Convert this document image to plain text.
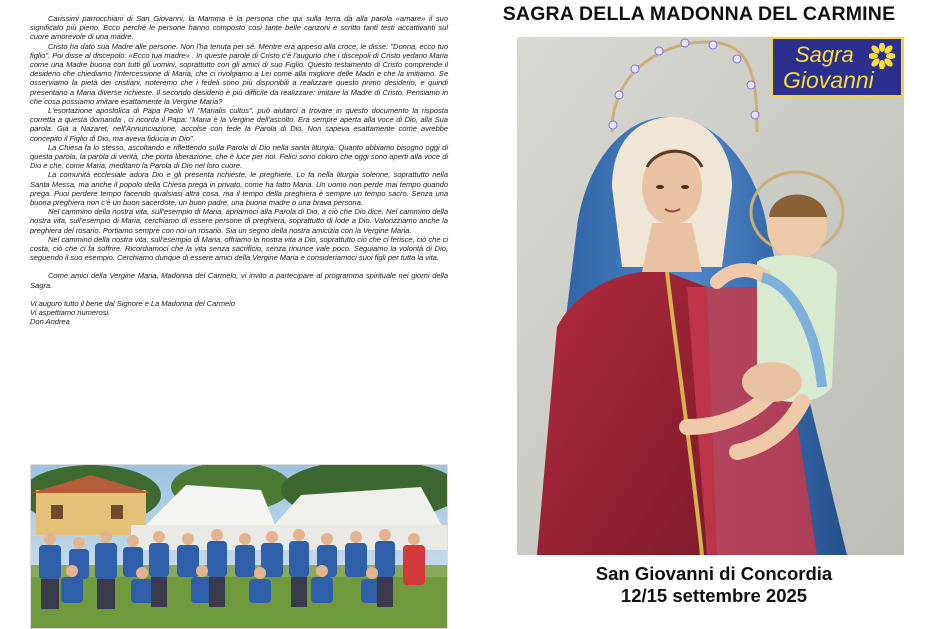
Carissimi parrocchiani di San Giovanni, la Mamma è la persona che qui sulla terra dà alla parola «amare» il suo significato più pieno. Ecco perché le persone hanno composto così tante belle canzoni e scritto tanti testi accattivanti sul cuore amorevole di una madre.

Cristo ha dato sua Madre alle persone. Non l'ha tenuta per sé. Mentre era appeso alla croce, le disse: "Donna, ecco tuo figlio". Poi disse al discepolo: «Ecco tua madre» . In queste parole di Cristo c'è l'augurio che i discepoli di Cristo vedano Maria come una Madre buona con tutti gli uomini, soprattutto con gli amici di suo Figlio. Questo testamento di Cristo comprende il desiderio che chiediamo l'intercessione di Maria, che ci rivolgiamo a Lei come alla migliore delle Madri e che la imitiamo. Se osserviamo la pietà dei cristiani, noteremo che i fedeli sono più disponibili a realizzare questo primo desiderio, e quindi presentano a Maria diverse richieste. Il secondo desiderio è più difficile da realizzare: imitare la Madre di Cristo. Pensiamo in che cosa possiamo imitare esattamente la Vergine Maria?

L'esortazione apostolica di Papa Paolo VI "Marialis cultus", può aiutarci a trovare in questo documento la risposta corretta a questa domanda , ci ricorda il Papa: "Maria è la Vergine dell'ascolto. Era sempre aperta alla voce di Dio, alla Sua parola. Già a Nazaret, nell'Annunciazione, accolse con fede la Parola di Dio. Non sapeva esattamente come avrebbe concepito il Figlio di Dio, ma aveva fiducia in Dio".

La Chiesa fa lo stesso, ascoltando e riflettendo sulla Parola di Dio nella santa liturgia. Quanto abbiamo bisogno oggi di questa parola, la parola di verità, che porta liberazione, che è luce per noi. Felici sono coloro che oggi sono aperti alla voce di Dio e che, come Maria, meditano la Parola di Dio nel loro cuore.

La comunità ecclesiale adora Dio e gli presenta richieste, le preghiere. Lo fa nella liturgia solenne, soprattutto nella Santa Messa, ma anche il popolo della Chiesa prega in privato, come ha fatto Maria. Un uomo non perde mai tempo quando prega. Puoi perdere tempo facendo qualsiasi altra cosa, ma il tempo della preghiera è sempre un tempo sacro. Senza una buona preghiera non c'è un buon sacerdote, un buon padre, una buona madre o una brava persona.

Nel cammino della nostra vita, sull'esempio di Maria, apriamoci alla Parola di Dio, a ciò che Dio dice. Nel cammino della nostra vita, sull'esempio di Maria, cerchiamo di essere persone di preghiera, soprattutto di lode a Dio. Valorizziamo anche la preghiera del rosario. Portiamo sempre con noi un rosario. Sia un segno della nostra amicizia con la Vergine Maria.

Nel cammino della nostra vita, sull'esempio di Maria, offriamo la nostra vita a Dio, soprattutto ciò che ci ferisce, ciò che ci costa, ciò che ci fa soffrire. Ricordiamoci che la vita senza sacrificio, senza rinunce vale poco. Seguiamo la volontà di Dio, seguendo il suo esempio. Cerchiamo dunque di essere amici della Vergine Maria e consideriamoci suoi figli per tutta la vita.

Come amici della Vergine Maria, Madonna del Carmelo, vi invito a partecipare al programma spirituale nei giorni della Sagra.

Vi auguro tutto il bene dal Signore e La Madonna del Carmelo

Vi aspettiamo numerosi.

Don Andrea

SAGRA DELLA MADONNA DEL CARMINE
Sagra
Giovanni
San Giovanni di Concordia
12/15 settembre 2025
